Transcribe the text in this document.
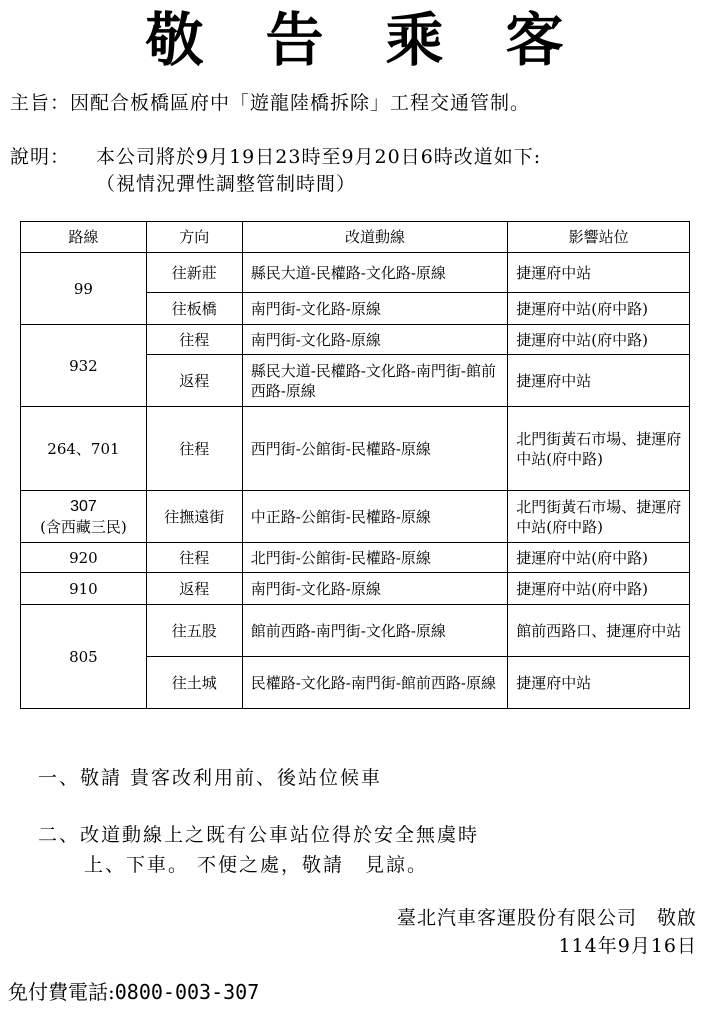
敬告乘客
主旨：因配合板橋區府中「遊龍陸橋拆除」工程交通管制。
說明： 本公司將於9月19日23時至9月20日6時改道如下:
（視情況彈性調整管制時間）
路線	方向	改道動線	影響站位
99	往新莊	縣民大道-民權路-文化路-原線	捷運府中站
	往板橋	南門街-文化路-原線	捷運府中站(府中路)
932	往程	南門街-文化路-原線	捷運府中站(府中路)
	返程	縣民大道-民權路-文化路-南門街-館前西路-原線	捷運府中站
264、701	往程	西門街-公館街-民權路-原線	北門街黃石市場、捷運府中站(府中路)

307
(含西藏三民)	往撫遠街	中正路-公館街-民權路-原線	北門街黃石市場、捷運府中站(府中路)
920	往程	北門街-公館街-民權路-原線	捷運府中站(府中路)
910	返程	南門街-文化路-原線	捷運府中站(府中路)
805	往五股	館前西路-南門街-文化路-原線	館前西路口、捷運府中站
	往土城	民權路-文化路-南門街-館前西路-原線	捷運府中站
一、敬請 貴客改利用前、後站位候車
二、改道動線上之既有公車站位得於安全無虞時
上、下車。 不便之處，敬請　見諒。
臺北汽車客運股份有限公司　敬啟
114年9月16日
免付費電話:0800-003-307
